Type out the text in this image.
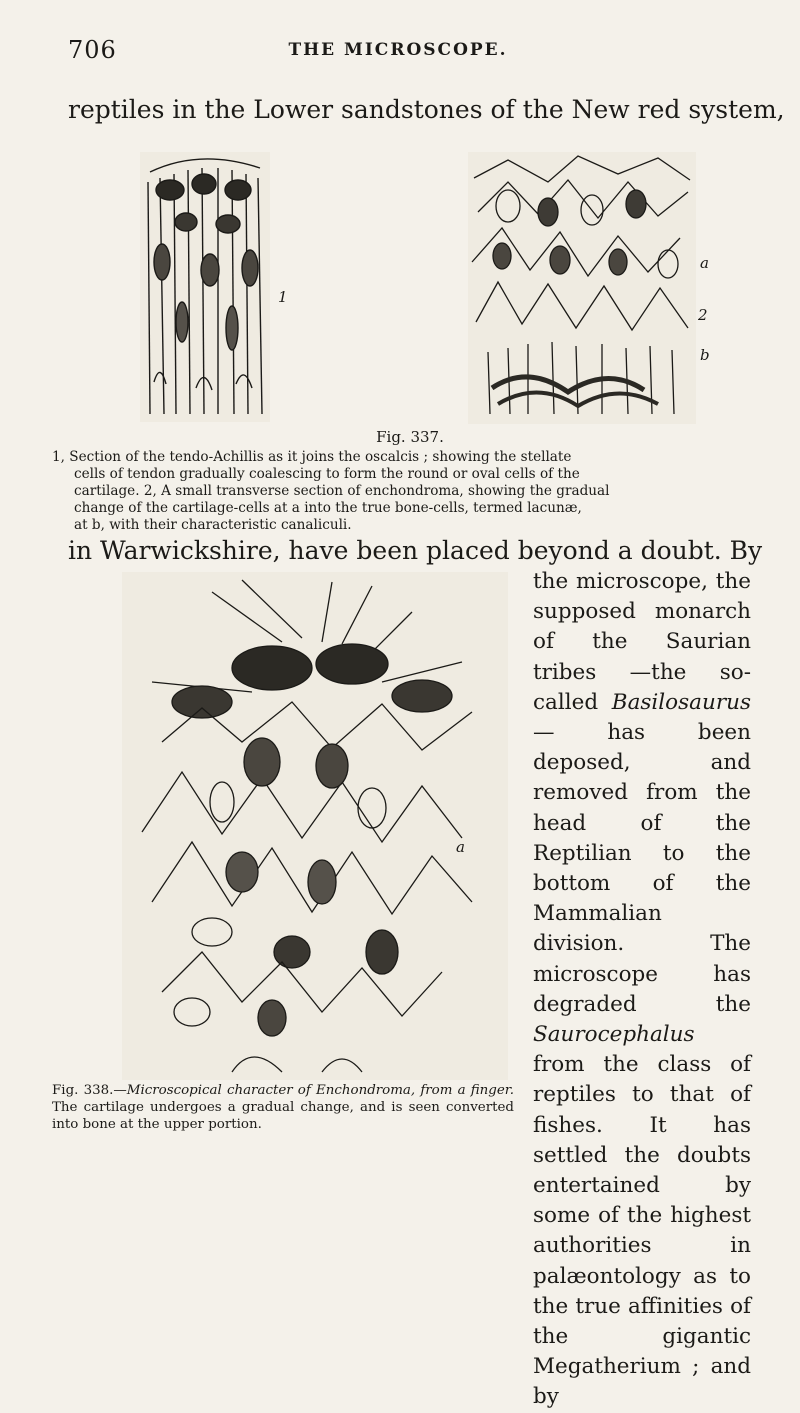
706	THE MICROSCOPE.
reptiles in the Lower sandstones of the New red system,
1
a
2
b
Fig. 337.
1, Section of the tendo-Achillis as it joins the oscalcis ; showing the stellate
cells of tendon gradually coalescing to form the round or oval cells of the
cartilage. 2, A small transverse section of enchondroma, showing the gradual
change of the cartilage-cells at a into the true bone-cells, termed lacunæ,
at b, with their characteristic canaliculi.
in Warwickshire, have been placed beyond a doubt. By
a

the microscope, the supposed monarch of the Saurian tribes —the so-called Basilosaurus — has been deposed, and removed from the head of the Reptilian to the bottom of the Mammalian division. The microscope has degraded the Saurocephalus from the class of reptiles to that of fishes. It has settled the doubts entertained by some of the highest authorities in palæontology as to the true affinities of the gigantic Megatherium ; and by

Fig. 338.—Microscopical character of Enchondroma, from a finger. The cartilage undergoes a gradual change, and is seen converted into bone at the upper portion.
